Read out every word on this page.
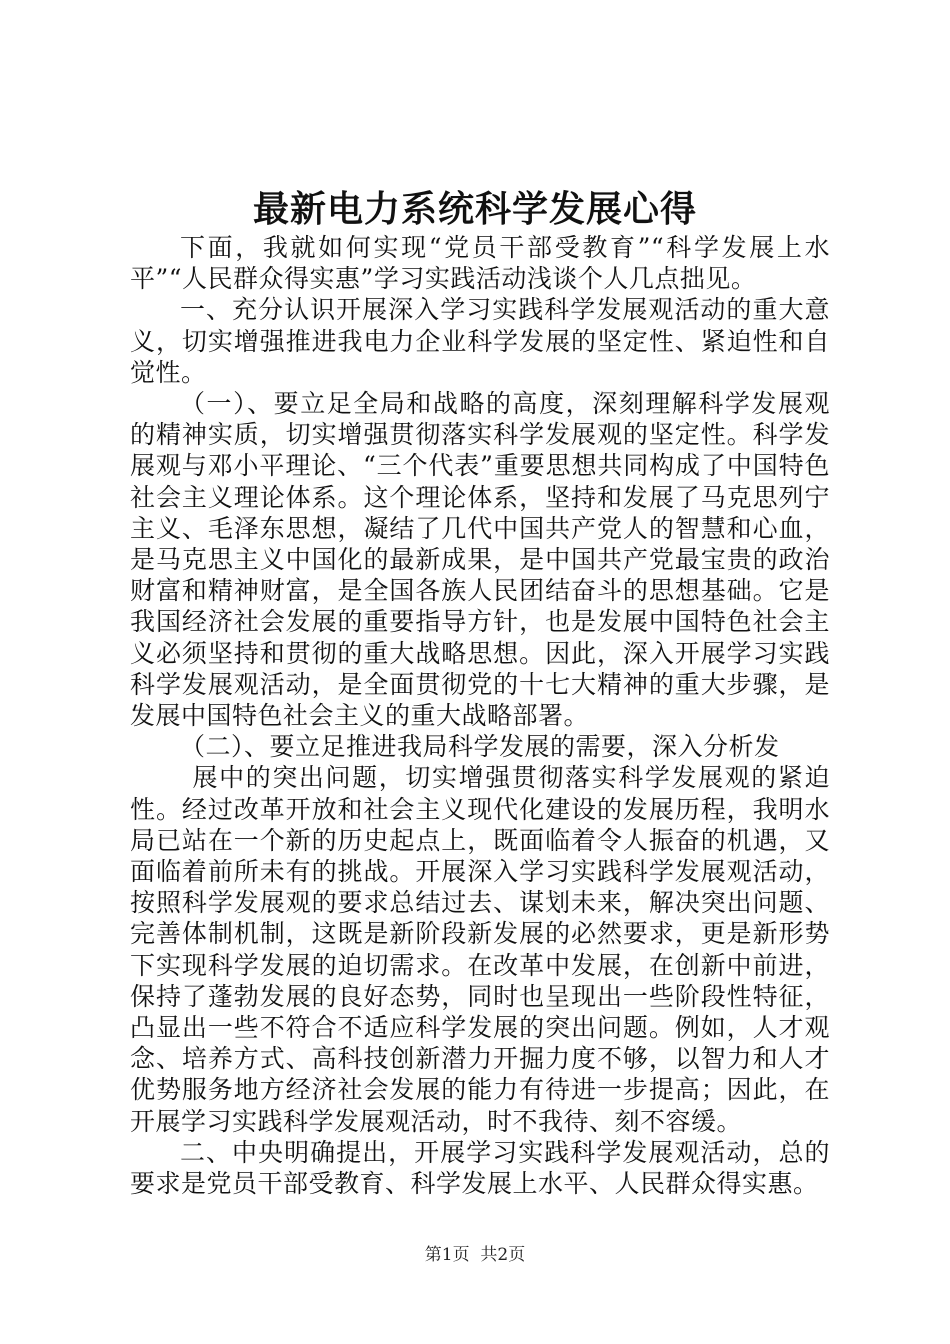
最新电力系统科学发展心得

下面，我就如何实现“党员干部受教育”“科学发展上水平”“人民群众得实惠”学习实践活动浅谈个人几点拙见。

一、充分认识开展深入学习实践科学发展观活动的重大意义，切实增强推进我电力企业科学发展的坚定性、紧迫性和自觉性。

（一）、要立足全局和战略的高度，深刻理解科学发展观的精神实质，切实增强贯彻落实科学发展观的坚定性。科学发展观与邓小平理论、“三个代表”重要思想共同构成了中国特色社会主义理论体系。这个理论体系，坚持和发展了马克思列宁主义、毛泽东思想，凝结了几代中国共产党人的智慧和心血，是马克思主义中国化的最新成果，是中国共产党最宝贵的政治财富和精神财富，是全国各族人民团结奋斗的思想基础。它是我国经济社会发展的重要指导方针，也是发展中国特色社会主义必须坚持和贯彻的重大战略思想。因此，深入开展学习实践科学发展观活动，是全面贯彻党的十七大精神的重大步骤，是发展中国特色社会主义的重大战略部署。

（二）、要立足推进我局科学发展的需要，深入分析发

展中的突出问题，切实增强贯彻落实科学发展观的紧迫性。经过改革开放和社会主义现代化建设的发展历程，我明水局已站在一个新的历史起点上，既面临着令人振奋的机遇，又面临着前所未有的挑战。开展深入学习实践科学发展观活动，按照科学发展观的要求总结过去、谋划未来，解决突出问题、完善体制机制，这既是新阶段新发展的必然要求，更是新形势下实现科学发展的迫切需求。在改革中发展，在创新中前进，保持了蓬勃发展的良好态势，同时也呈现出一些阶段性特征，凸显出一些不符合不适应科学发展的突出问题。例如，人才观念、培养方式、高科技创新潜力开掘力度不够，以智力和人才优势服务地方经济社会发展的能力有待进一步提高；因此，在开展学习实践科学发展观活动，时不我待、刻不容缓。

二、中央明确提出，开展学习实践科学发展观活动，总的要求是党员干部受教育、科学发展上水平、人民群众得实惠。

第1页 共2页
